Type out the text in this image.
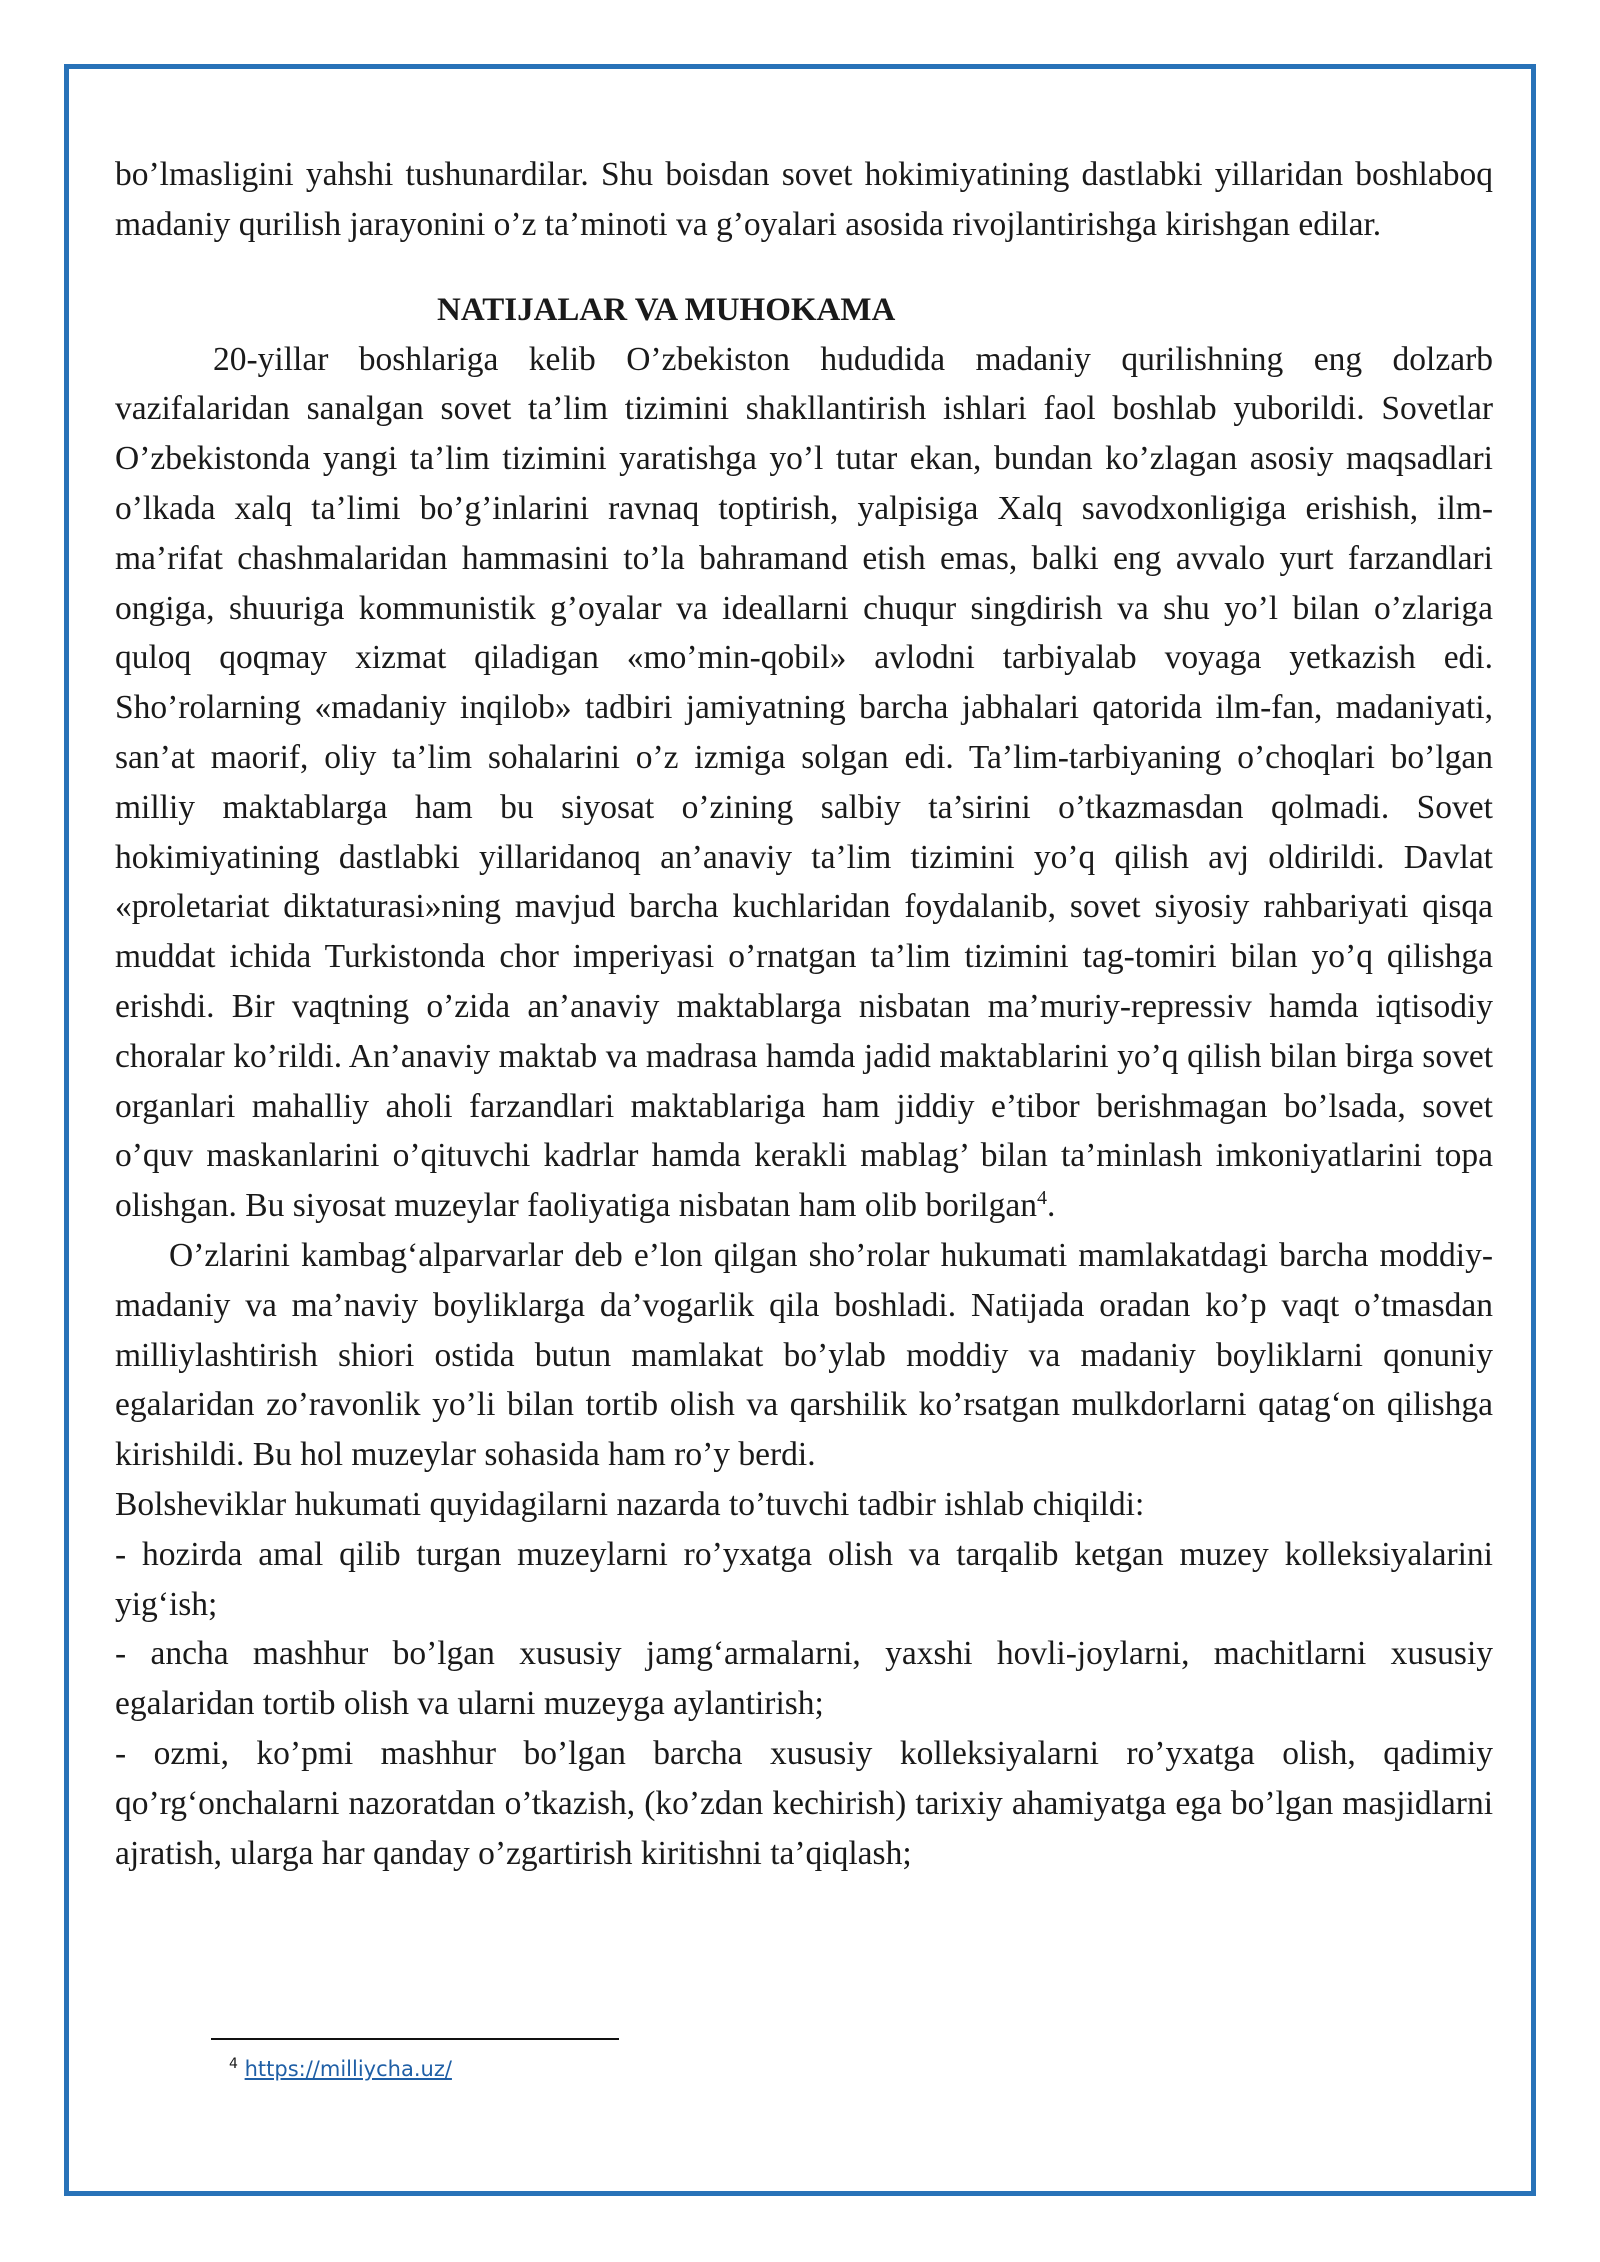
bo’lmasligini yahshi tushunardilar. Shu boisdan sovet hokimiyatining dastlabki yillaridan boshlaboq madaniy qurilish jarayonini o’z ta’minoti va g’oyalari asosida rivojlantirishga kirishgan edilar.

NATIJALAR VA MUHOKAMA

20-yillar boshlariga kelib O’zbekiston hududida madaniy qurilishning eng dolzarb vazifalaridan sanalgan sovet ta’lim tizimini shakllantirish ishlari faol boshlab yuborildi. Sovetlar O’zbekistonda yangi ta’lim tizimini yaratishga yo’l tutar ekan, bundan ko’zlagan asosiy maqsadlari o’lkada xalq ta’limi bo’g’inlarini ravnaq toptirish, yalpisiga Xalq savodxonligiga erishish, ilm-ma’rifat chashmalaridan hammasini to’la bahramand etish emas, balki eng avvalo yurt farzandlari ongiga, shuuriga kommunistik g’oyalar va ideallarni chuqur singdirish va shu yo’l bilan o’zlariga quloq qoqmay xizmat qiladigan «mo’min-qobil» avlodni tarbiyalab voyaga yetkazish edi. Sho’rolarning «madaniy inqilob» tadbiri jamiyatning barcha jabhalari qatorida ilm-fan, madaniyati, san’at maorif, oliy ta’lim sohalarini o’z izmiga solgan edi. Ta’lim-tarbiyaning o’choqlari bo’lgan milliy maktablarga ham bu siyosat o’zining salbiy ta’sirini o’tkazmasdan qolmadi. Sovet hokimiyatining dastlabki yillaridanoq an’anaviy ta’lim tizimini yo’q qilish avj oldirildi. Davlat «proletariat diktaturasi»ning mavjud barcha kuchlaridan foydalanib, sovet siyosiy rahbariyati qisqa muddat ichida Turkistonda chor imperiyasi o’rnatgan ta’lim tizimini tag-tomiri bilan yo’q qilishga erishdi. Bir vaqtning o’zida an’anaviy maktablarga nisbatan ma’muriy-repressiv hamda iqtisodiy choralar ko’rildi. An’anaviy maktab va madrasa hamda jadid maktablarini yo’q qilish bilan birga sovet organlari mahalliy aholi farzandlari maktablariga ham jiddiy e’tibor berishmagan bo’lsada, sovet o’quv maskanlarini o’qituvchi kadrlar hamda kerakli mablag’ bilan ta’minlash imkoniyatlarini topa olishgan. Bu siyosat muzeylar faoliyatiga nisbatan ham olib borilgan$^4$.

O’zlarini kambag‘alparvarlar deb e’lon qilgan sho’rolar hukumati mamlakatdagi barcha moddiy-madaniy va ma’naviy boyliklarga da’vogarlik qila boshladi. Natijada oradan ko’p vaqt o’tmasdan milliylashtirish shiori ostida butun mamlakat bo’ylab moddiy va madaniy boyliklarni qonuniy egalaridan zo’ravonlik yo’li bilan tortib olish va qarshilik ko’rsatgan mulkdorlarni qatag‘on qilishga kirishildi. Bu hol muzeylar sohasida ham ro’y berdi.

Bolsheviklar hukumati quyidagilarni nazarda to’tuvchi tadbir ishlab chiqildi:

- hozirda amal qilib turgan muzeylarni ro’yxatga olish va tarqalib ketgan muzey kolleksiyalarini yig‘ish;

- ancha mashhur bo’lgan xususiy jamg‘armalarni, yaxshi hovli-joylarni, machitlarni xususiy egalaridan tortib olish va ularni muzeyga aylantirish;

- ozmi, ko’pmi mashhur bo’lgan barcha xususiy kolleksiyalarni ro’yxatga olish, qadimiy qo’rg‘onchalarni nazoratdan o’tkazish, (ko’zdan kechirish) tarixiy ahamiyatga ega bo’lgan masjidlarni ajratish, ularga har qanday o’zgartirish kiritishni ta’qiqlash;

$^4$ https://milliycha.uz/
